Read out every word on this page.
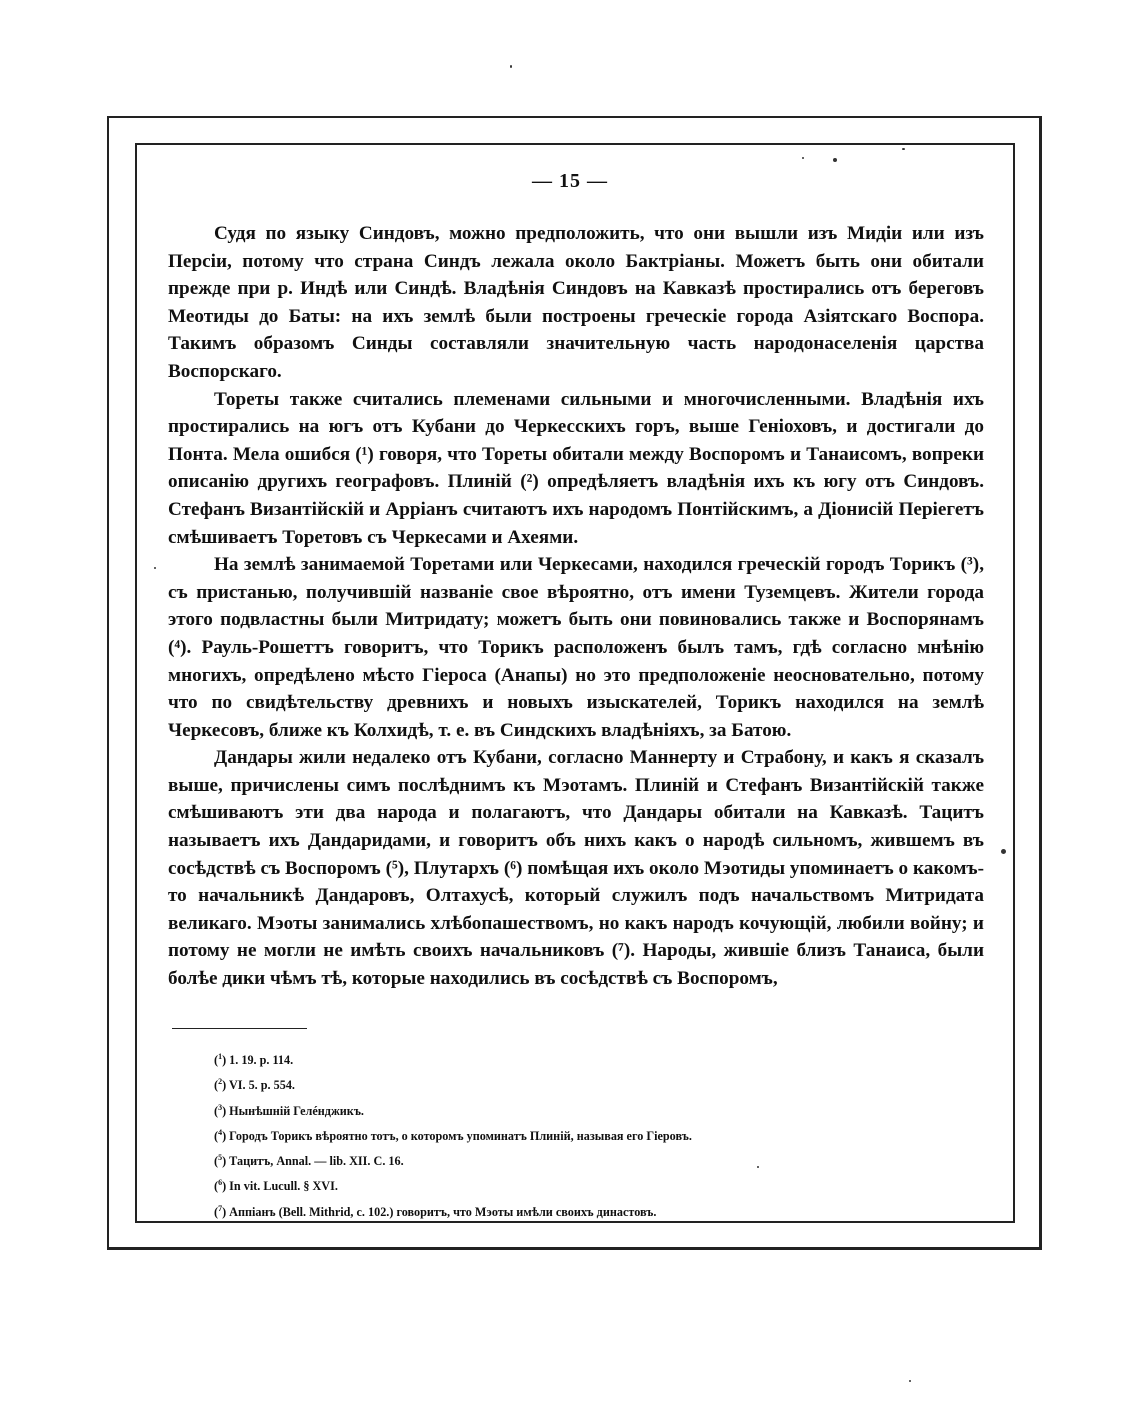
— 15 —

Судя по языку Синдовъ, можно предположить, что они вышли изъ Мидіи или изъ Персіи, потому что страна Синдъ лежала около Бактріаны. Можетъ быть они обитали прежде при р. Индѣ или Синдѣ. Владѣнія Синдовъ на Кавказѣ простирались отъ береговъ Меотиды до Баты: на ихъ землѣ были построены греческіе города Азіятскаго Воспора. Такимъ образомъ Синды составляли значительную часть народонаселенія царства Воспорскаго.

Тореты также считались племенами сильными и многочисленными. Владѣнія ихъ простирались на югъ отъ Кубани до Черкесскихъ горъ, выше Геніоховъ, и достигали до Понта. Мела ошибся (¹) говоря, что Тореты обитали между Воспоромъ и Танаисомъ, вопреки описанію другихъ географовъ. Плиній (²) опредѣляетъ владѣнія ихъ къ югу отъ Синдовъ. Стефанъ Византійскій и Арріанъ считаютъ ихъ народомъ Понтійскимъ, а Діонисій Періегетъ смѣшиваетъ Торетовъ съ Черкесами и Ахеями.

На землѣ занимаемой Торетами или Черкесами, находился греческій городъ Торикъ (³), съ пристанью, получившій названіе свое вѣроятно, отъ имени Туземцевъ. Жители города этого подвластны были Митридату; можетъ быть они повиновались также и Воспорянамъ (⁴). Рауль-Рошеттъ говоритъ, что Торикъ расположенъ былъ тамъ, гдѣ согласно мнѣнію многихъ, опредѣлено мѣсто Гіероса (Анапы) но это предположеніе неосновательно, потому что по свидѣтельству древнихъ и новыхъ изыскателей, Торикъ находился на землѣ Черкесовъ, ближе къ Колхидѣ, т. е. въ Синдскихъ владѣніяхъ, за Батою.

Дандары жили недалеко отъ Кубани, согласно Маннерту и Страбону, и какъ я сказалъ выше, причислены симъ послѣднимъ къ Мэотамъ. Плиній и Стефанъ Византійскій также смѣшиваютъ эти два народа и полагаютъ, что Дандары обитали на Кавказѣ. Тацитъ называетъ ихъ Дандаридами, и говоритъ объ нихъ какъ о народѣ сильномъ, жившемъ въ сосѣдствѣ съ Воспоромъ (⁵), Плутархъ (⁶) помѣщая ихъ около Мэотиды упоминаетъ о какомъ-то начальникѣ Дандаровъ, Олтахусѣ, который служилъ подъ начальствомъ Митридата великаго. Мэоты занимались хлѣбопашествомъ, но какъ народъ кочующій, любили войну; и потому не могли не имѣть своихъ начальниковъ (⁷). Народы, жившіе близъ Танаиса, были болѣе дики чѣмъ тѣ, которые находились въ сосѣдствѣ съ Воспоромъ,

($^1$) 1. 19. p. 114.
($^2$) VI. 5. p. 554.
($^3$) Нынѣшній Гелéнджикъ.
($^4$) Городъ Торикъ вѣроятно тотъ, о которомъ упоминатъ Плиній, называя его Гіеровъ.
($^5$) Тацитъ, Annal. — lib. XII. C. 16.
($^6$) In vit. Lucull. § XVI.
($^7$) Аппіанъ (Bell. Mithrid, c. 102.) говоритъ, что Мэоты имѣли своихъ династовъ.
